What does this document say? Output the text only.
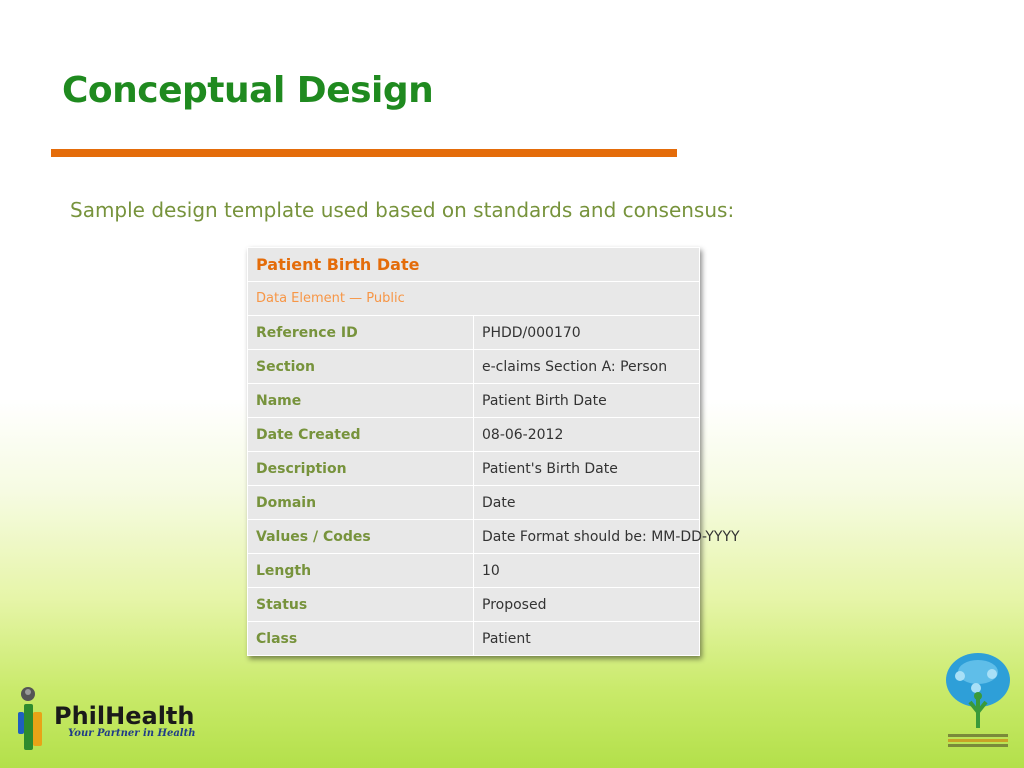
Conceptual Design
Sample design template used based on standards and consensus:
Patient Birth Date	
Data Element — Public	
Reference ID	PHDD/000170
Section	e-claims Section A: Person
Name	Patient Birth Date
Date Created	08-06-2012
Description	Patient's Birth Date
Domain	Date
Values / Codes	Date Format should be: MM-DD-YYYY
Length	10
Status	Proposed
Class	Patient
PhilHealth
Your Partner in Health
